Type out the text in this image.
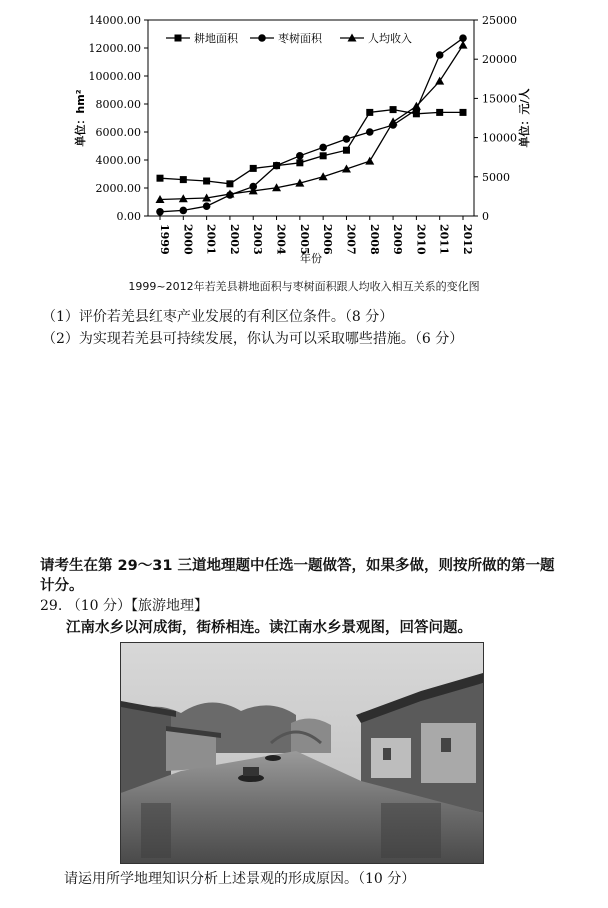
0.00
2000.00
4000.00
6000.00
8000.00
10000.00
12000.00
14000.00
0
5000
10000
15000
20000
25000
1999 2000 2001 2002 2003 2004 2005 2006 2007 2008 2009 2010 2011 2012
年份
单位：hm²	单位：元/人
耕地面积	枣树面积	人均收入
1999~2012年若羌县耕地面积与枣树面积跟人均收入相互关系的变化图
（1）评价若羌县红枣产业发展的有利区位条件。（8 分）
（2）为实现若羌县可持续发展，你认为可以采取哪些措施。（6 分）
请考生在第 29～31 三道地理题中任选一题做答，如果多做，则按所做的第一题
计分。
29. （10 分）【旅游地理】
江南水乡以河成街，街桥相连。读江南水乡景观图，回答问题。
请运用所学地理知识分析上述景观的形成原因。（10 分）
